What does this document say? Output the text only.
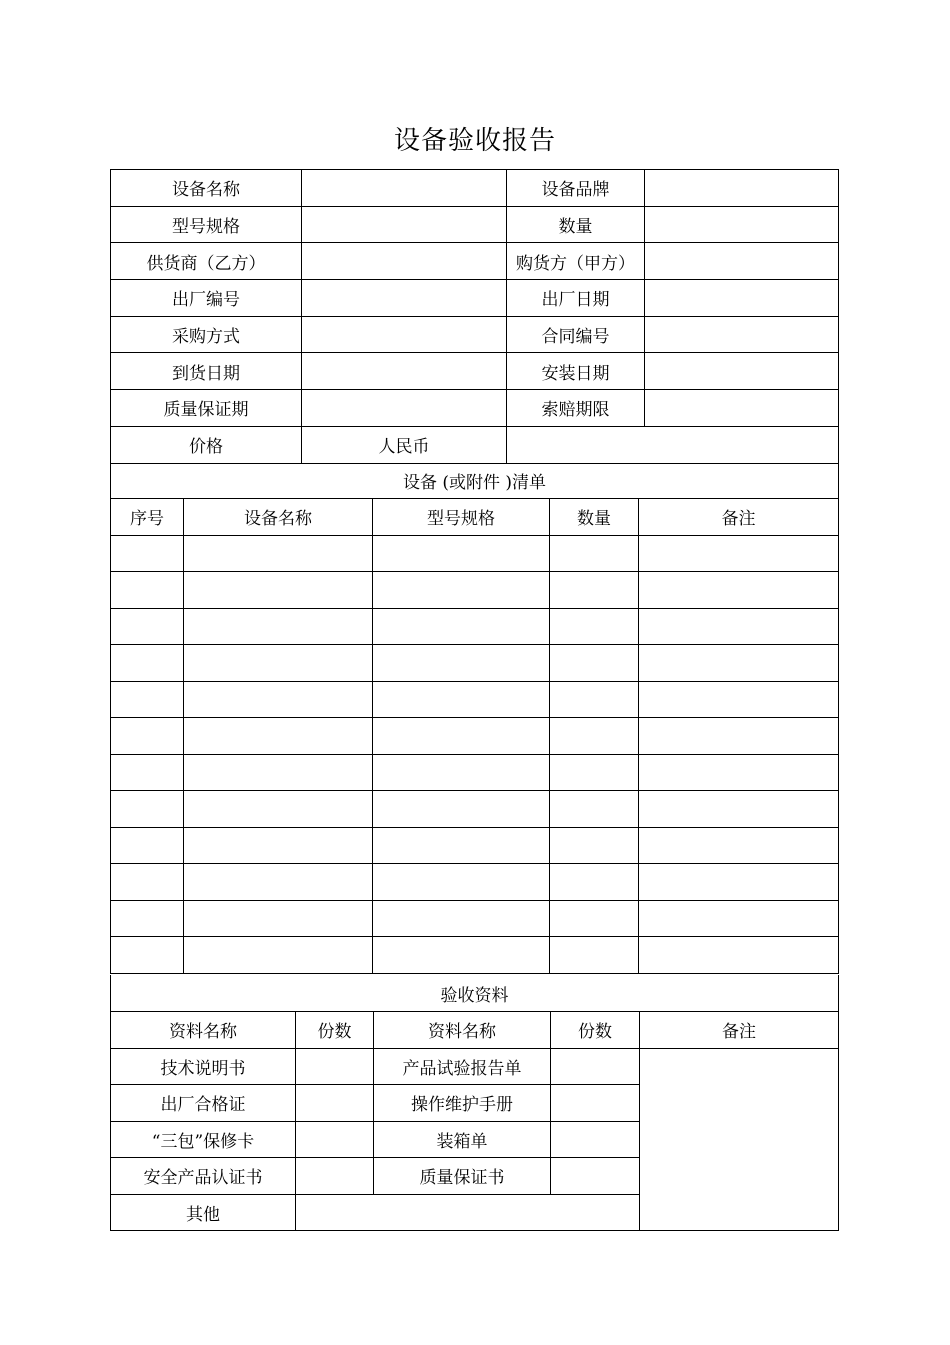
设备验收报告
设备名称		设备品牌	
型号规格		数量	
供货商（乙方）		购货方（甲方）	
出厂编号		出厂日期	
采购方式		合同编号	
到货日期		安装日期	
质量保证期		索赔期限	
价格	人民币		
设备 (或附件 )清单				
序号	设备名称	型号规格	数量	备注

验收资料				
资料名称	份数	资料名称	份数	备注
技术说明书		产品试验报告单		
出厂合格证		操作维护手册		
“三包”保修卡		装箱单		
安全产品认证书		质量保证书		
其他				
